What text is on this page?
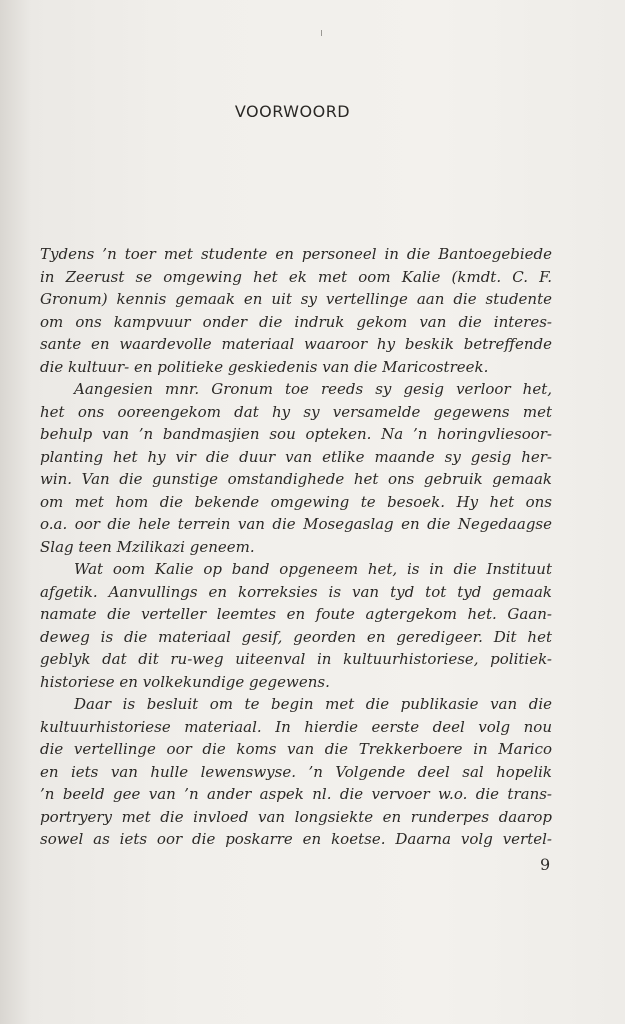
VOORWOORD
Tydens ’n toer met studente en personeel in die Bantoegebiede
in Zeerust se omgewing het ek met oom Kalie (kmdt. C. F.
Gronum) kennis gemaak en uit sy vertellinge aan die studente
om ons kampvuur onder die indruk gekom van die interes-
sante en waardevolle materiaal waaroor hy beskik betreffende
die kultuur- en politieke geskiedenis van die Maricostreek.
Aangesien mnr. Gronum toe reeds sy gesig verloor het,
het ons ooreengekom dat hy sy versamelde gegewens met
behulp van ’n bandmasjien sou opteken. Na ’n horingvliesoor-
planting het hy vir die duur van etlike maande sy gesig her-
win. Van die gunstige omstandighede het ons gebruik gemaak
om met hom die bekende omgewing te besoek. Hy het ons
o.a. oor die hele terrein van die Mosegaslag en die Negedaagse
Slag teen Mzilikazi geneem.
Wat oom Kalie op band opgeneem het, is in die Instituut
afgetik. Aanvullings en korreksies is van tyd tot tyd gemaak
namate die verteller leemtes en foute agtergekom het. Gaan-
deweg is die materiaal gesif, georden en geredigeer. Dit het
geblyk dat dit ru-weg uiteenval in kultuurhistoriese, politiek-
historiese en volkekundige gegewens.
Daar is besluit om te begin met die publikasie van die
kultuurhistoriese materiaal. In hierdie eerste deel volg nou
die vertellinge oor die koms van die Trekkerboere in Marico
en iets van hulle lewenswyse. ’n Volgende deel sal hopelik
’n beeld gee van ’n ander aspek nl. die vervoer w.o. die trans-
portryery met die invloed van longsiekte en runderpes daarop
sowel as iets oor die poskarre en koetse. Daarna volg vertel-
9
